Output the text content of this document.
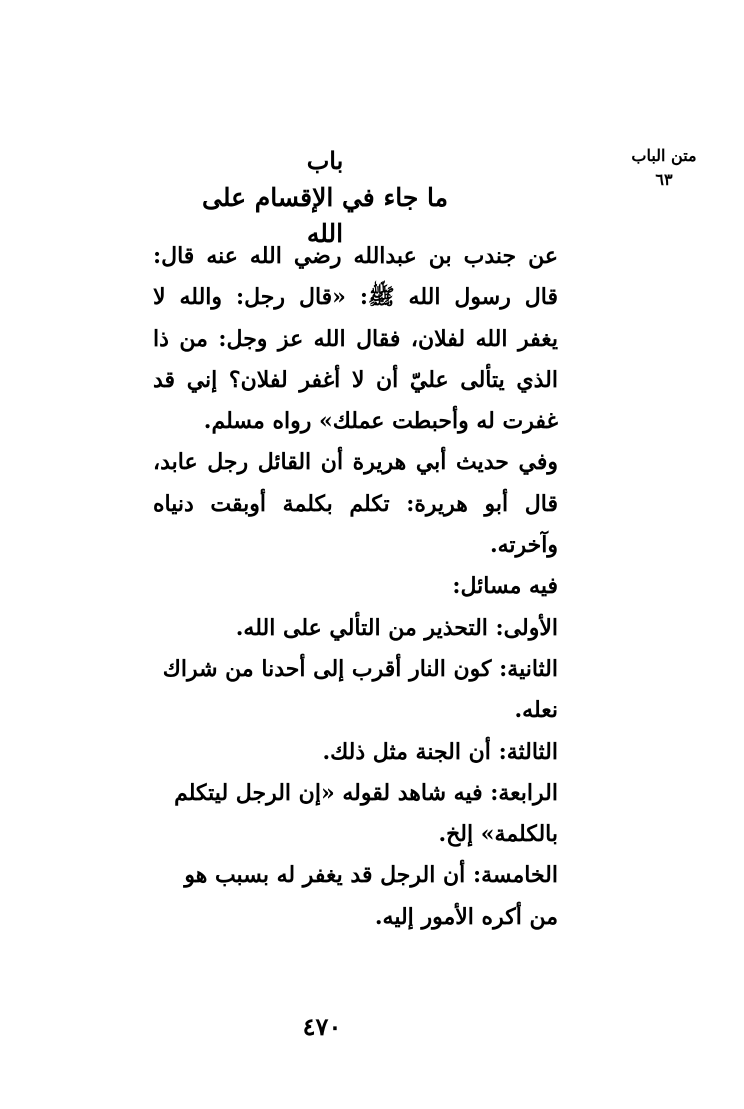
متن الباب
٦٣
باب
ما جاء في الإقسام على الله

عن جندب بن عبدالله رضي الله عنه قال: قال رسول الله ﷺ: «قال رجل: والله لا يغفر الله لفلان، فقال الله عز وجل: من ذا الذي يتألى عليّ أن لا أغفر لفلان؟ إني قد غفرت له وأحبطت عملك» رواه مسلم.

وفي حديث أبي هريرة أن القائل رجل عابد، قال أبو هريرة: تكلم بكلمة أوبقت دنياه وآخرته.

فيه مسائل:

الأولى: التحذير من التألي على الله.

الثانية: كون النار أقرب إلى أحدنا من شراك نعله.

الثالثة: أن الجنة مثل ذلك.

الرابعة: فيه شاهد لقوله «إن الرجل ليتكلم بالكلمة» إلخ.

الخامسة: أن الرجل قد يغفر له بسبب هو من أكره الأمور إليه.

٤٧٠
